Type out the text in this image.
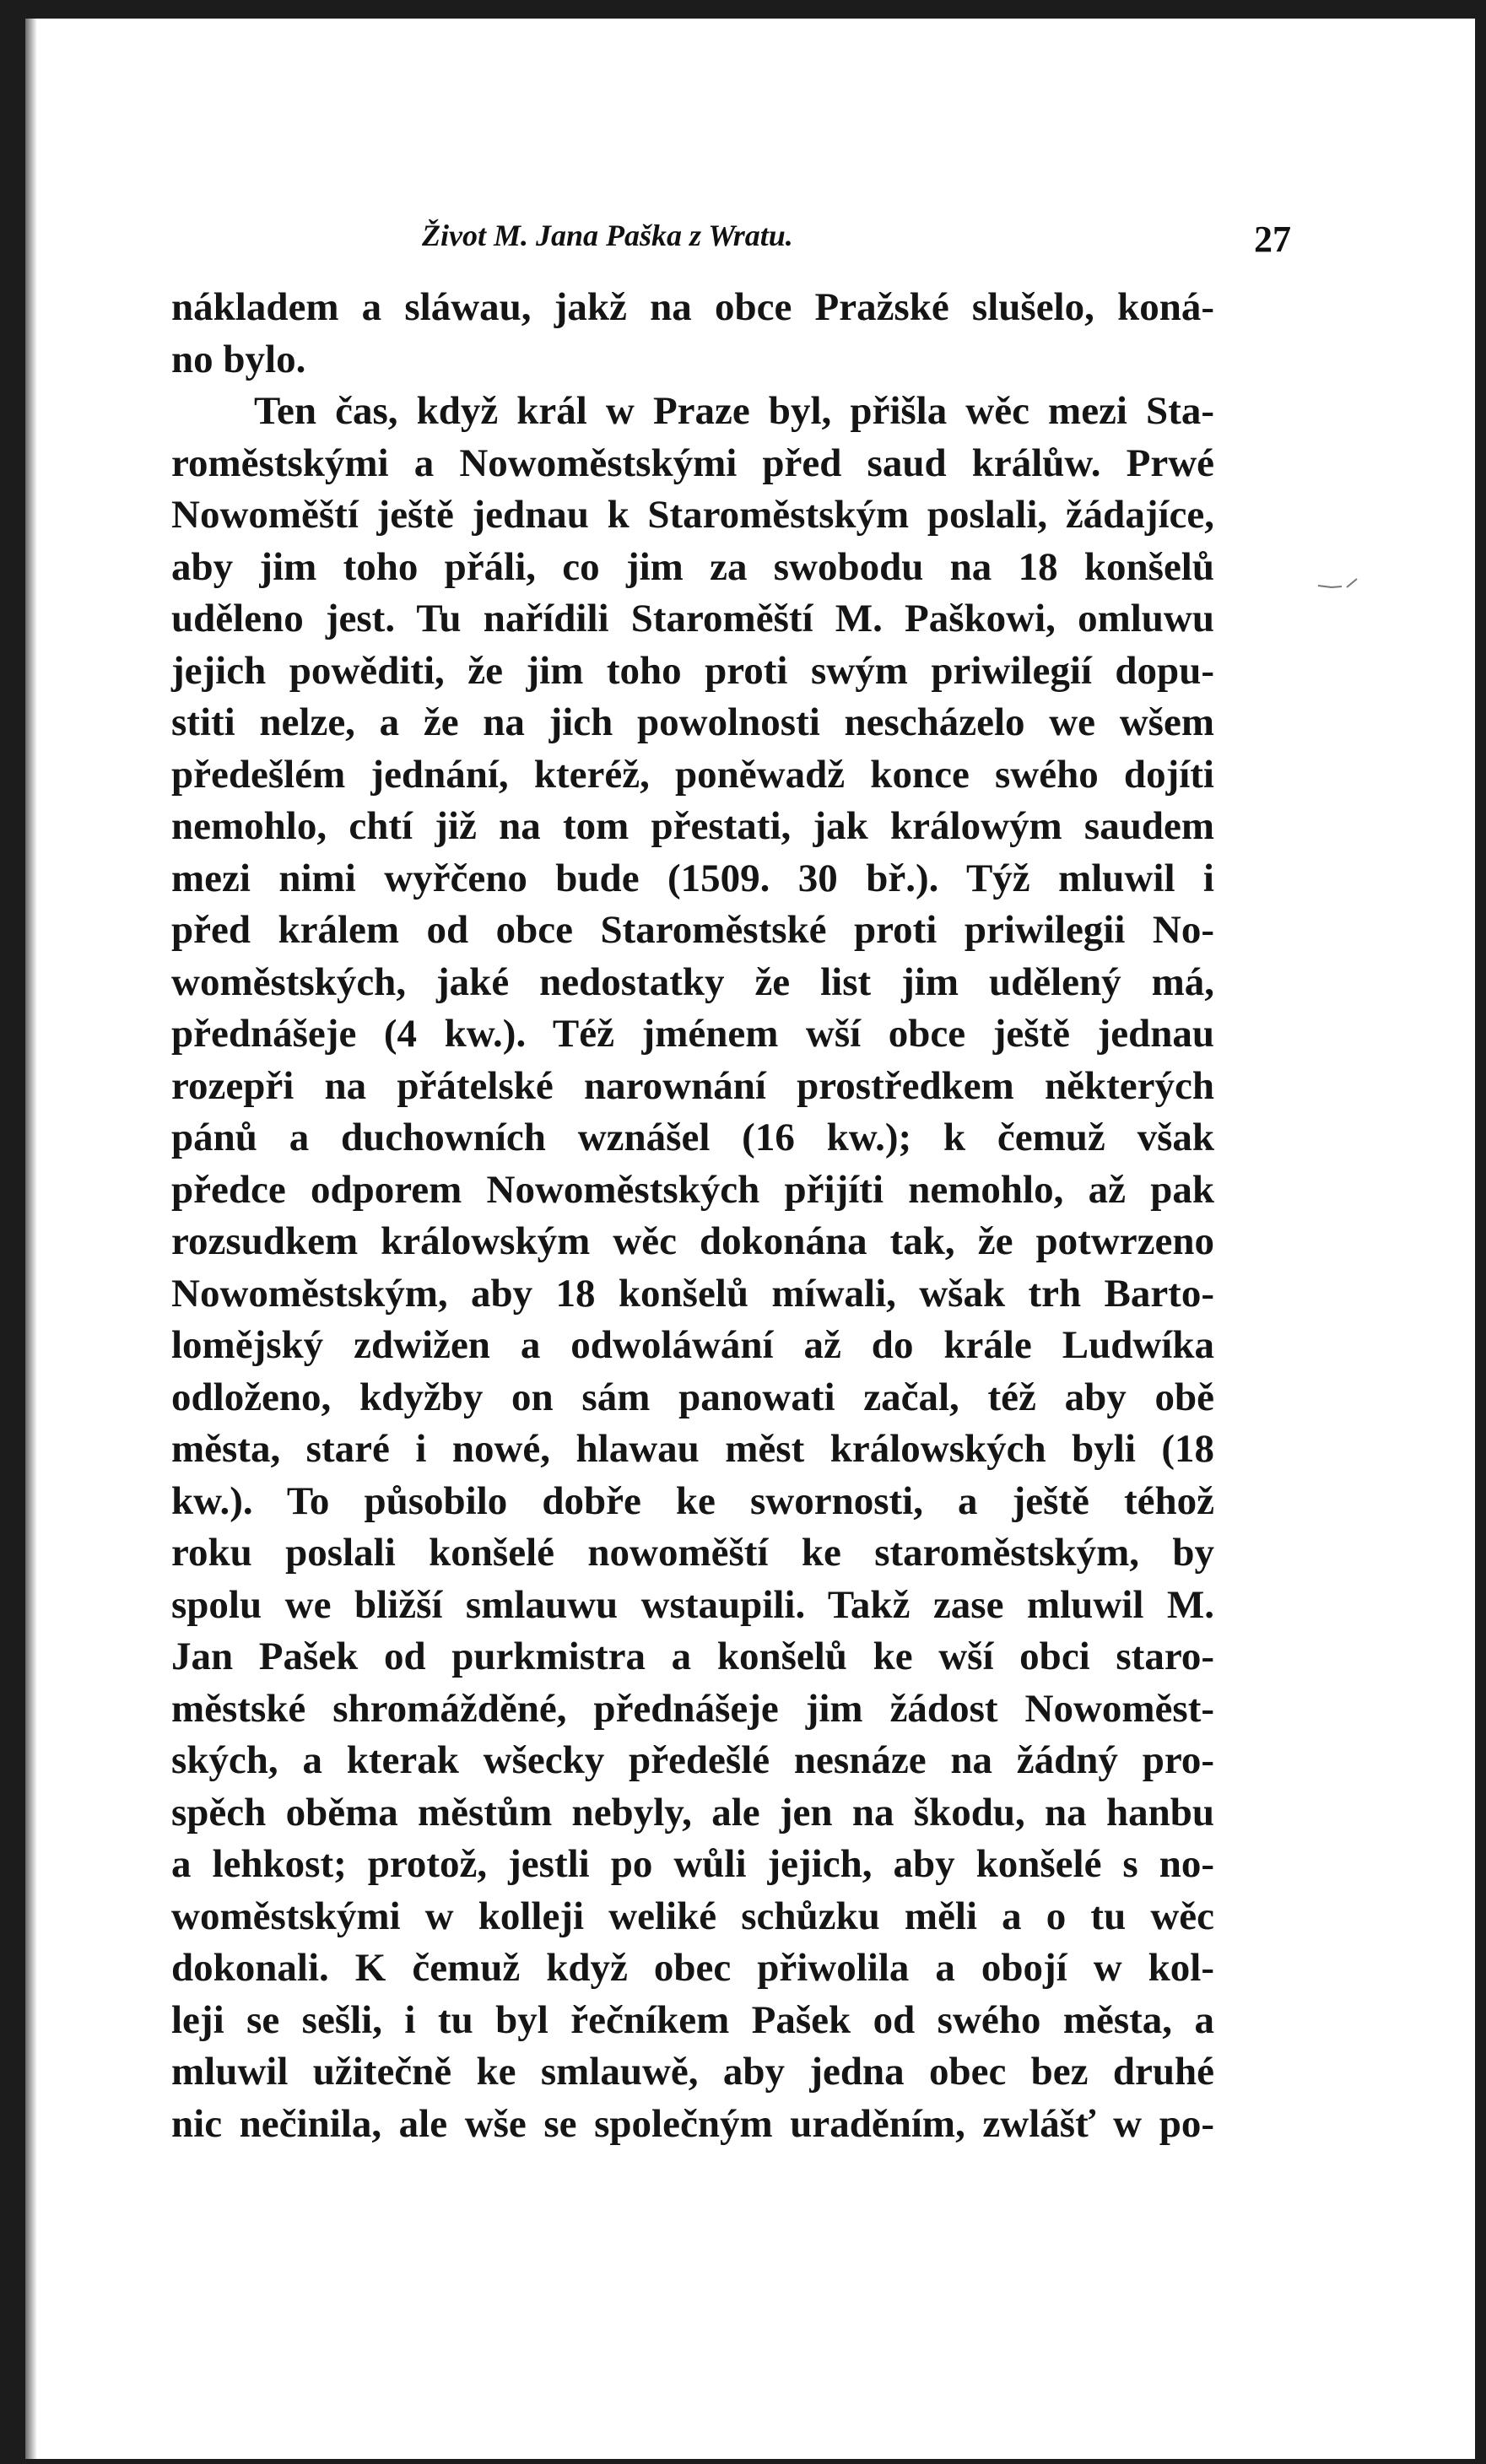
Život M. Jana Paška z Wratu.	27
nákladem a sláwau, jakž na obce Pražské slušelo, koná-
no bylo.
Ten čas, když král w Praze byl, přišla wěc mezi Sta-
roměstskými a Nowoměstskými před saud králůw. Prwé
Nowoměští ještě jednau k Staroměstským poslali, žádajíce,
aby jim toho přáli, co jim za swobodu na 18 konšelů
uděleno jest. Tu nařídili Staroměští M. Paškowi, omluwu
jejich powěditi, že jim toho proti swým priwilegií dopu-
stiti nelze, a že na jich powolnosti nescházelo we wšem
předešlém jednání, kteréž, poněwadž konce swého dojíti
nemohlo, chtí již na tom přestati, jak králowým saudem
mezi nimi wyřčeno bude (1509. 30 bř.). Týž mluwil i
před králem od obce Staroměstské proti priwilegii No-
woměstských, jaké nedostatky že list jim udělený má,
přednášeje (4 kw.). Též jménem wší obce ještě jednau
rozepři na přátelské narownání prostředkem některých
pánů a duchowních wznášel (16 kw.); k čemuž však
předce odporem Nowoměstských přijíti nemohlo, až pak
rozsudkem králowským wěc dokonána tak, že potwrzeno
Nowoměstským, aby 18 konšelů míwali, wšak trh Barto-
lomějský zdwižen a odwoláwání až do krále Ludwíka
odloženo, kdyžby on sám panowati začal, též aby obě
města, staré i nowé, hlawau měst králowských byli (18
kw.). To působilo dobře ke swornosti, a ještě téhož
roku poslali konšelé nowoměští ke staroměstským, by
spolu we bližší smlauwu wstaupili. Takž zase mluwil M.
Jan Pašek od purkmistra a konšelů ke wší obci staro-
městské shromážděné, přednášeje jim žádost Nowoměst-
ských, a kterak wšecky předešlé nesnáze na žádný pro-
spěch oběma městům nebyly, ale jen na škodu, na hanbu
a lehkost; protož, jestli po wůli jejich, aby konšelé s no-
woměstskými w kolleji weliké schůzku měli a o tu wěc
dokonali. K čemuž když obec přiwolila a obojí w kol-
leji se sešli, i tu byl řečníkem Pašek od swého města, a
mluwil užitečně ke smlauwě, aby jedna obec bez druhé
nic nečinila, ale wše se společným uraděním, zwlášť w po-
